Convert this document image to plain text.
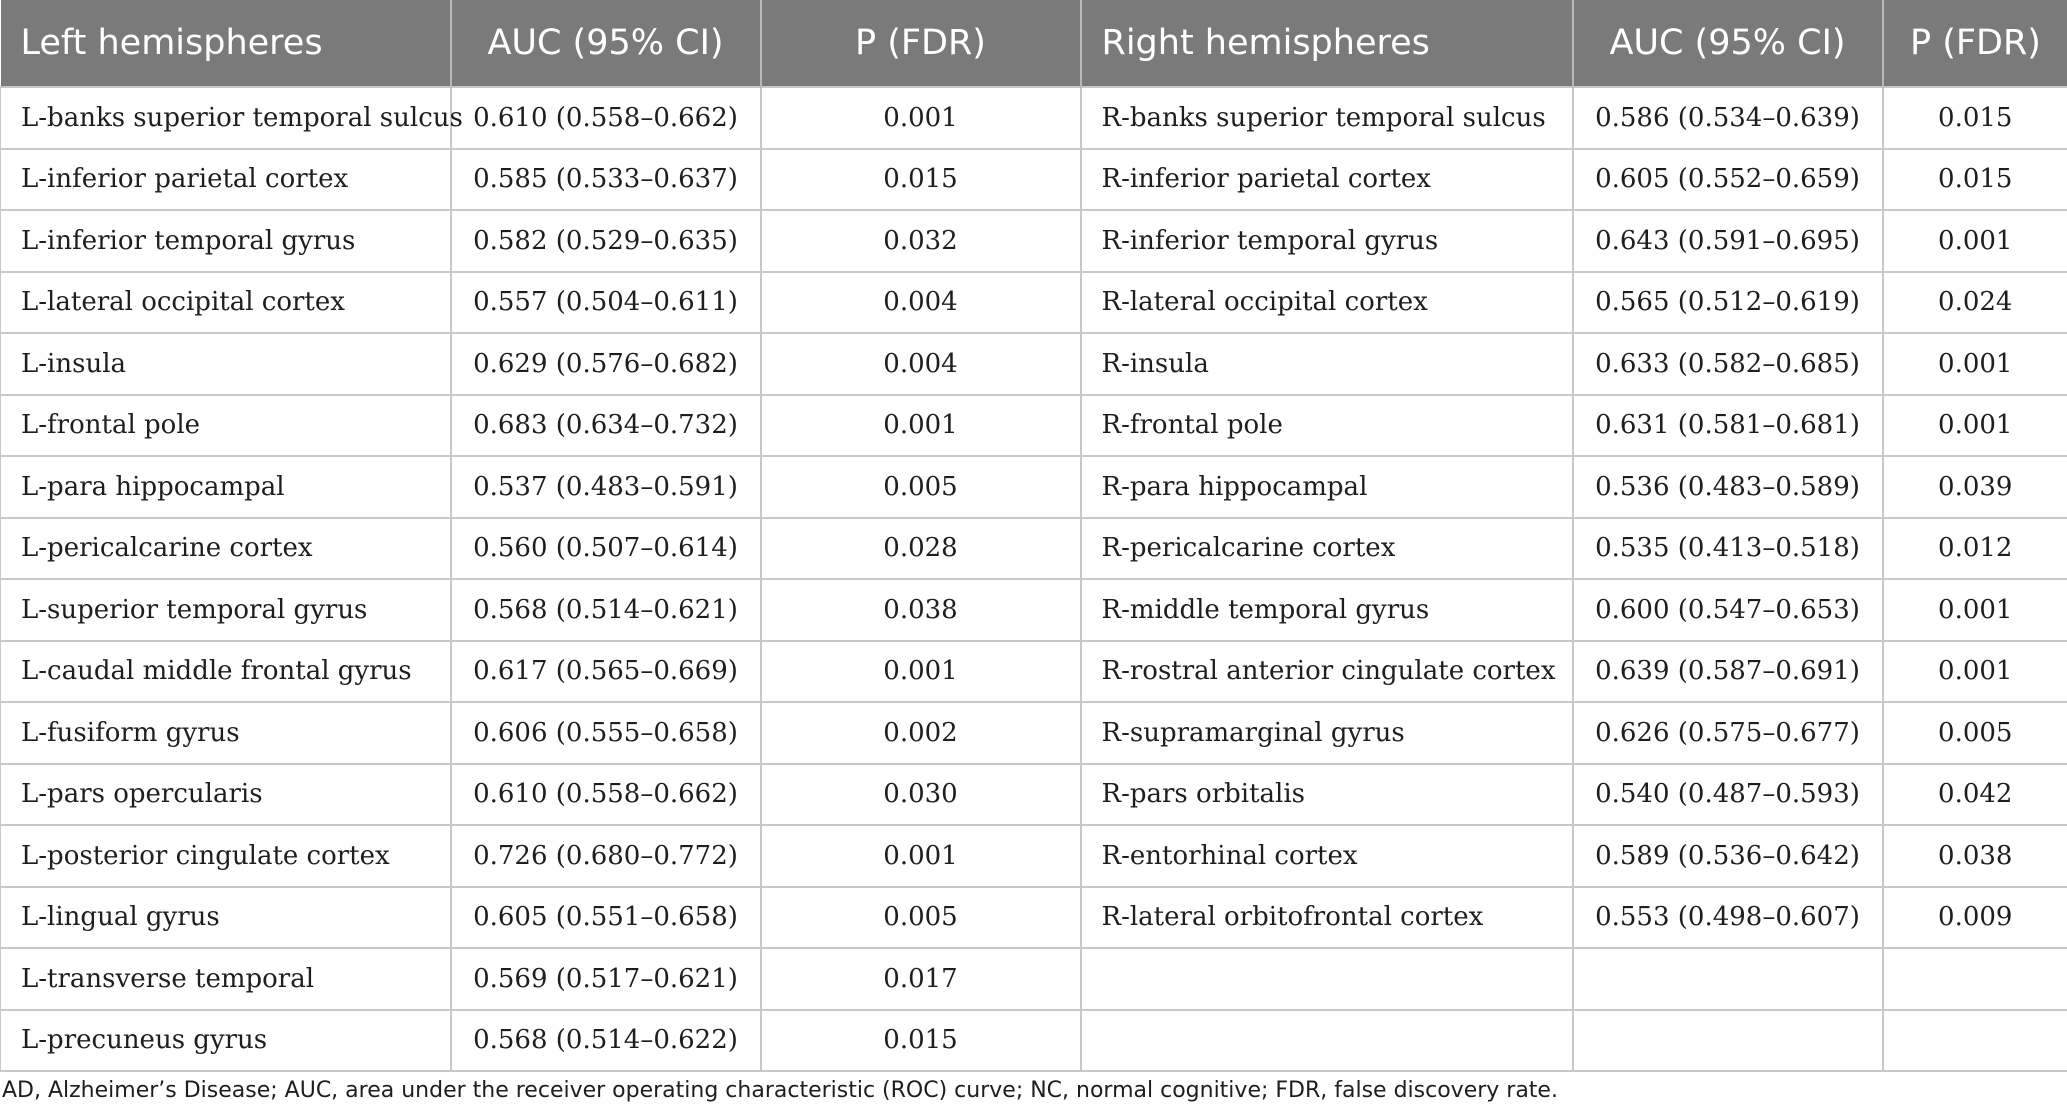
Left hemispheres	AUC (95% CI)	P (FDR)	Right hemispheres	AUC (95% CI)	P (FDR)
L-banks superior temporal sulcus	0.610 (0.558–0.662)	0.001	R-banks superior temporal sulcus	0.586 (0.534–0.639)	0.015
L-inferior parietal cortex	0.585 (0.533–0.637)	0.015	R-inferior parietal cortex	0.605 (0.552–0.659)	0.015
L-inferior temporal gyrus	0.582 (0.529–0.635)	0.032	R-inferior temporal gyrus	0.643 (0.591–0.695)	0.001
L-lateral occipital cortex	0.557 (0.504–0.611)	0.004	R-lateral occipital cortex	0.565 (0.512–0.619)	0.024
L-insula	0.629 (0.576–0.682)	0.004	R-insula	0.633 (0.582–0.685)	0.001
L-frontal pole	0.683 (0.634–0.732)	0.001	R-frontal pole	0.631 (0.581–0.681)	0.001
L-para hippocampal	0.537 (0.483–0.591)	0.005	R-para hippocampal	0.536 (0.483–0.589)	0.039
L-pericalcarine cortex	0.560 (0.507–0.614)	0.028	R-pericalcarine cortex	0.535 (0.413–0.518)	0.012
L-superior temporal gyrus	0.568 (0.514–0.621)	0.038	R-middle temporal gyrus	0.600 (0.547–0.653)	0.001
L-caudal middle frontal gyrus	0.617 (0.565–0.669)	0.001	R-rostral anterior cingulate cortex	0.639 (0.587–0.691)	0.001
L-fusiform gyrus	0.606 (0.555–0.658)	0.002	R-supramarginal gyrus	0.626 (0.575–0.677)	0.005
L-pars opercularis	0.610 (0.558–0.662)	0.030	R-pars orbitalis	0.540 (0.487–0.593)	0.042
L-posterior cingulate cortex	0.726 (0.680–0.772)	0.001	R-entorhinal cortex	0.589 (0.536–0.642)	0.038
L-lingual gyrus	0.605 (0.551–0.658)	0.005	R-lateral orbitofrontal cortex	0.553 (0.498–0.607)	0.009
L-transverse temporal	0.569 (0.517–0.621)	0.017			
L-precuneus gyrus	0.568 (0.514–0.622)	0.015			
AD, Alzheimer’s Disease; AUC, area under the receiver operating characteristic (ROC) curve; NC, normal cognitive; FDR, false discovery rate.
